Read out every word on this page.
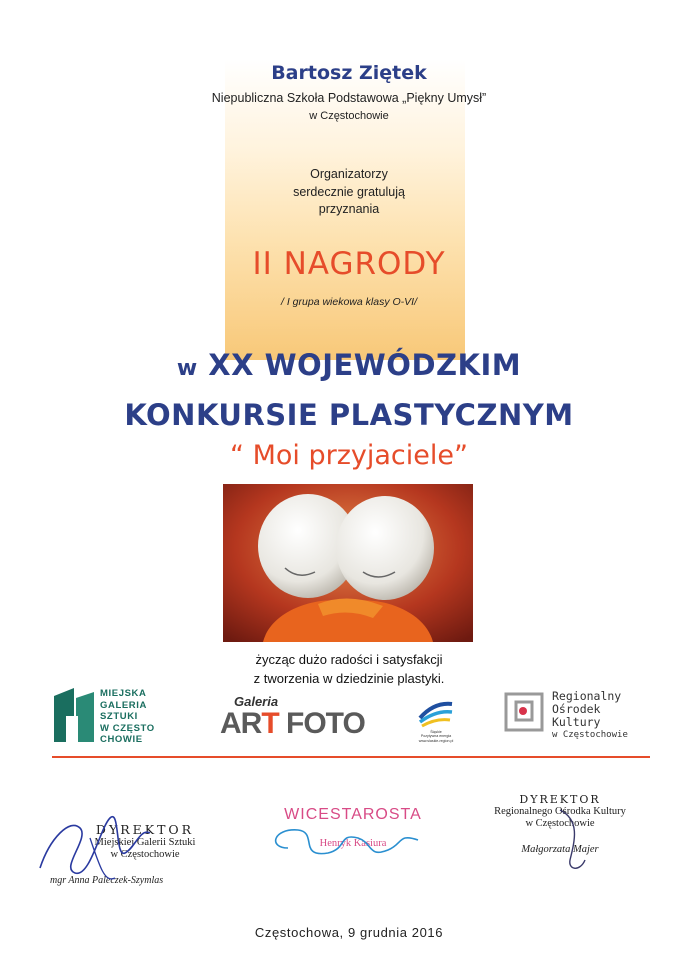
Bartosz Ziętek
Niepubliczna Szkoła Podstawowa „Piękny Umysł”
w Częstochowie
Organizatorzy
serdecznie gratulują
przyznania
II NAGRODY
/ I grupa wiekowa klasy O-VI/
w XX WOJEWÓDZKIM
KONKURSIE PLASTYCZNYM
“ Moi przyjaciele”
życząc dużo radości i satysfakcji
z tworzenia w dziedzinie plastyki.
MIEJSKA
GALERIA
SZTUKI
W CZĘSTO
CHOWIE
Galeria
ART FOTO	Śląskie
Pozytywna energia
www.slaskie-region.pl
Regionalny
Ośrodek
Kultury
w Częstochowie
DYREKTOR
Miejskiej Galerii Sztuki
w Częstochowie
mgr Anna Paleczek-Szymlas
WICESTAROSTA
Henryk Kasiura
DYREKTOR
Regionalnego Ośrodka Kultury
w Częstochowie
Małgorzata Majer
Częstochowa, 9 grudnia 2016
